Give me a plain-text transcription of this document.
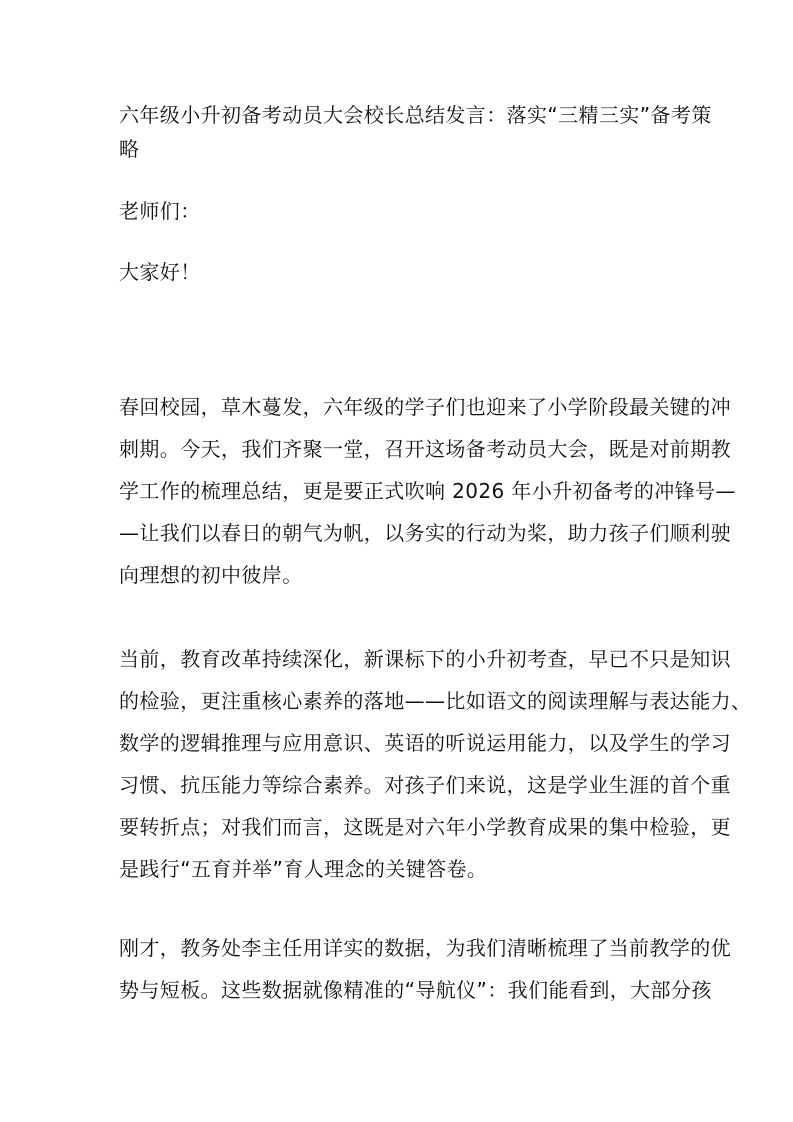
六年级小升初备考动员大会校长总结发言：落实“三精三实”备考策
略
老师们：
大家好！
春回校园，草木蔓发，六年级的学子们也迎来了小学阶段最关键的冲
刺期。今天，我们齐聚一堂，召开这场备考动员大会，既是对前期教
学工作的梳理总结，更是要正式吹响 2026 年小升初备考的冲锋号—
—让我们以春日的朝气为帆，以务实的行动为桨，助力孩子们顺利驶
向理想的初中彼岸。
当前，教育改革持续深化，新课标下的小升初考查，早已不只是知识
的检验，更注重核心素养的落地——比如语文的阅读理解与表达能力、
数学的逻辑推理与应用意识、英语的听说运用能力，以及学生的学习
习惯、抗压能力等综合素养。对孩子们来说，这是学业生涯的首个重
要转折点；对我们而言，这既是对六年小学教育成果的集中检验，更
是践行“五育并举”育人理念的关键答卷。
刚才，教务处李主任用详实的数据，为我们清晰梳理了当前教学的优
势与短板。这些数据就像精准的“导航仪”：我们能看到，大部分孩
